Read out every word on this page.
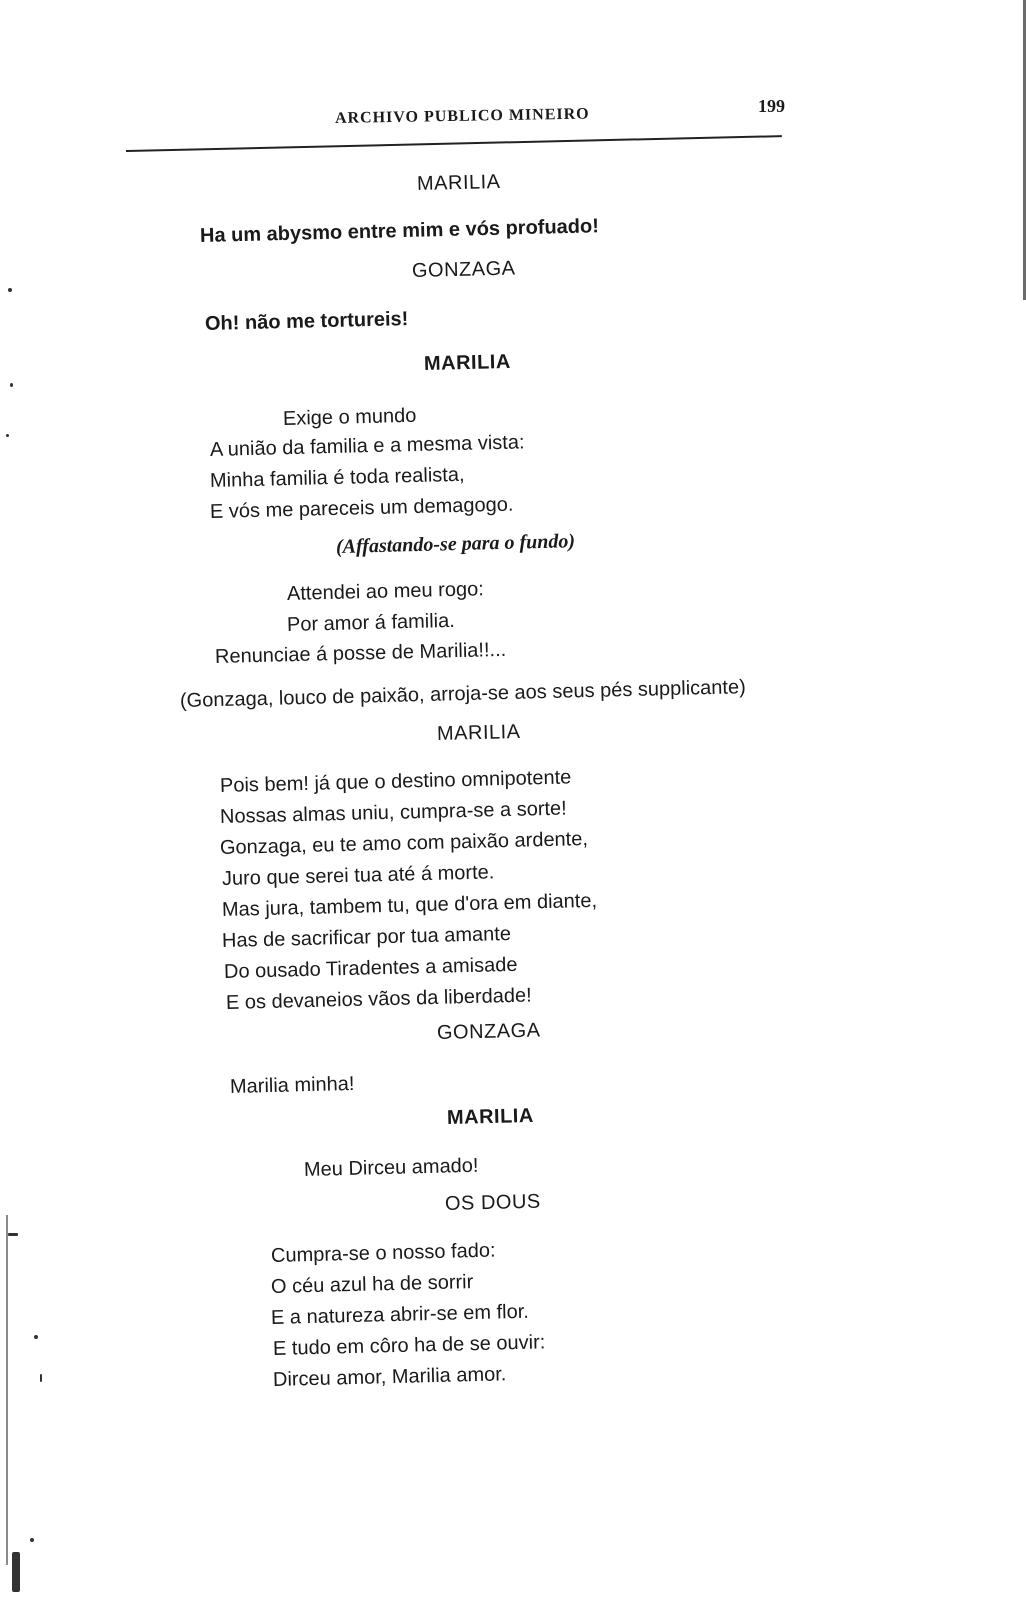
ARCHIVO PUBLICO MINEIRO	199
MARILIA
Ha um abysmo entre mim e vós profuado!
GONZAGA
Oh! não me tortureis!
MARILIA
Exige o mundo
A união da familia e a mesma vista:
Minha familia é toda realista,
E vós me pareceis um demagogo.
(Affastando-se para o fundo)
Attendei ao meu rogo:
Por amor á familia.
Renunciae á posse de Marilia!!...
(Gonzaga, louco de paixão, arroja-se aos seus pés supplicante)
MARILIA
Pois bem! já que o destino omnipotente
Nossas almas uniu, cumpra-se a sorte!
Gonzaga, eu te amo com paixão ardente,
Juro que serei tua até á morte.
Mas jura, tambem tu, que d'ora em diante,
Has de sacrificar por tua amante
Do ousado Tiradentes a amisade
E os devaneios vãos da liberdade!
GONZAGA
Marilia minha!
MARILIA
Meu Dirceu amado!
OS DOUS
Cumpra-se o nosso fado:
O céu azul ha de sorrir
E a natureza abrir-se em flor.
E tudo em côro ha de se ouvir:
Dirceu amor, Marilia amor.
